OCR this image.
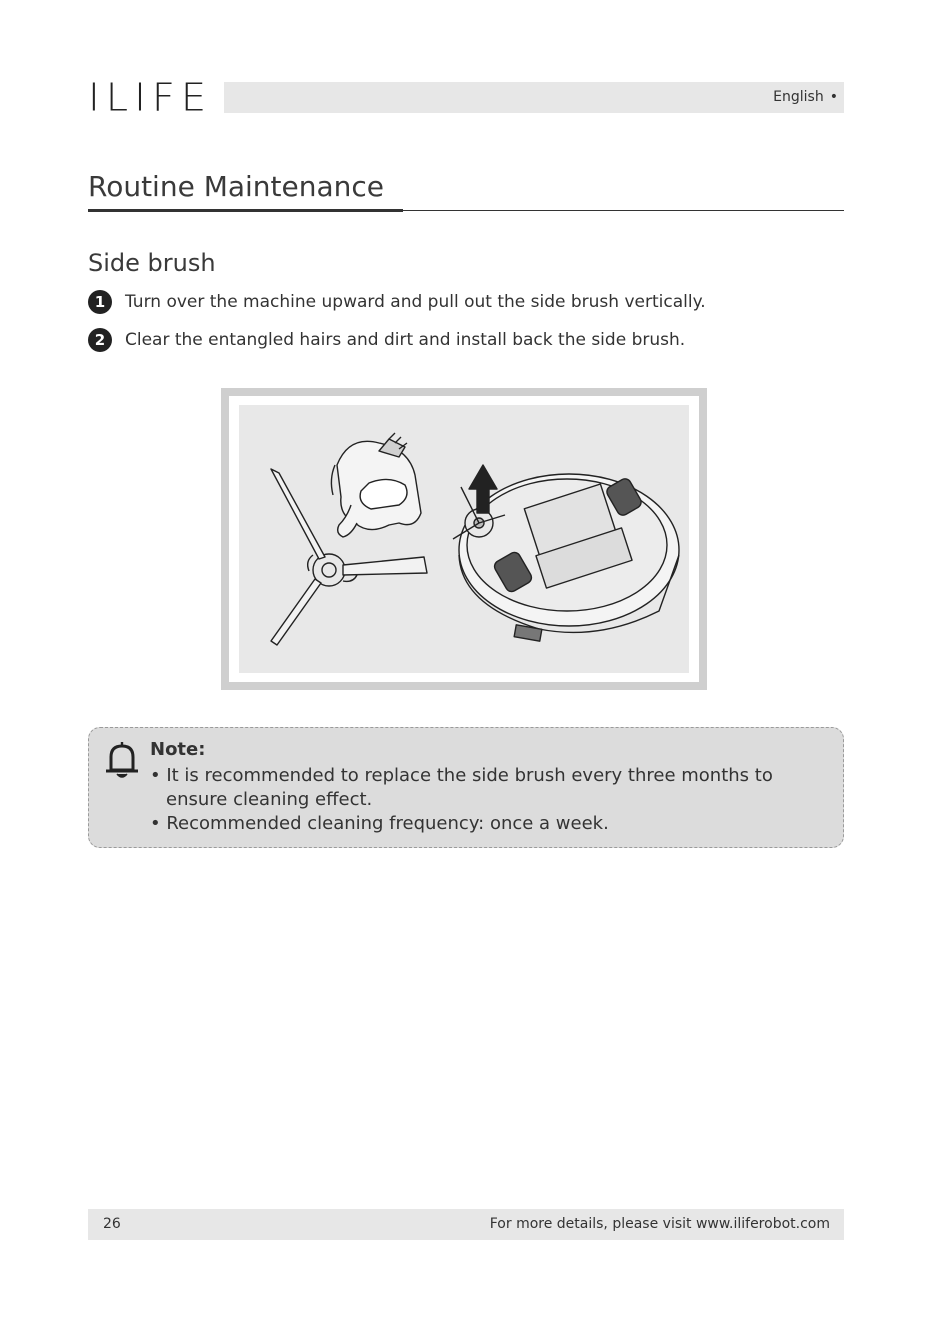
ILIFE	English •
Routine Maintenance
Side brush
1	Turn over the machine upward and pull out the side brush vertically.
2	Clear the entangled hairs and dirt and install back the side brush.
Note:
• It is recommended to replace the side brush every three months to
ensure cleaning effect.
• Recommended cleaning frequency: once a week.
26	For more details, please visit www.iliferobot.com
